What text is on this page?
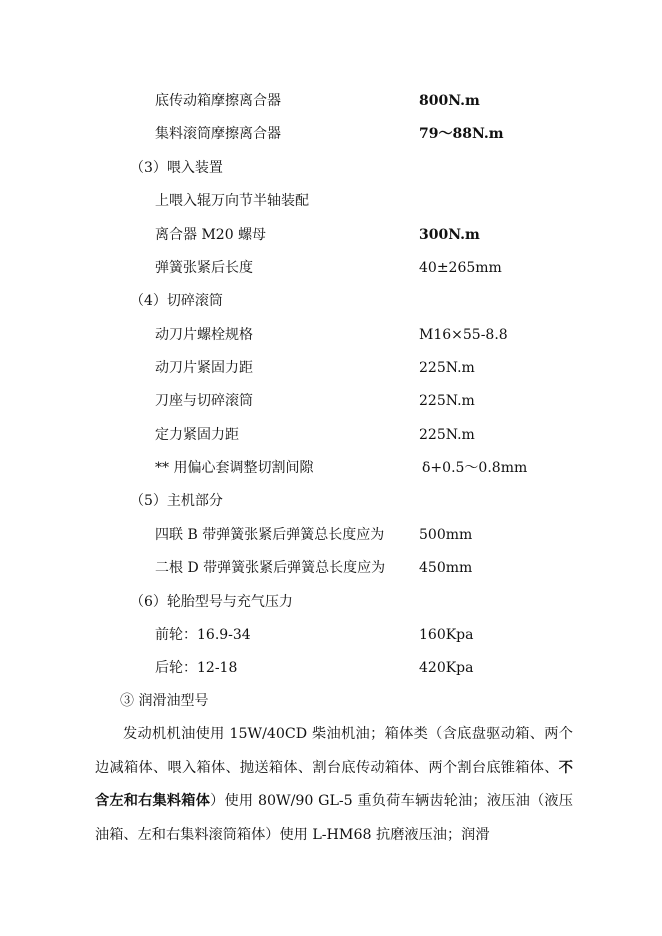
底传动箱摩擦离合器	800N.m
集料滚筒摩擦离合器	79～88N.m
（3）喂入装置
上喂入辊万向节半轴装配
离合器 M20 螺母	300N.m
弹簧张紧后长度	40±265mm
（4）切碎滚筒
动刀片螺栓规格	M16×55-8.8
动刀片紧固力距	225N.m
刀座与切碎滚筒	225N.m
定力紧固力距	225N.m
** 用偏心套调整切割间隙	δ+0.5～0.8mm
（5）主机部分
四联 B 带弹簧张紧后弹簧总长度应为 500mm
二根 D 带弹簧张紧后弹簧总长度应为 450mm
（6）轮胎型号与充气压力
前轮：16.9-34	160Kpa
后轮：12-18	420Kpa
③ 润滑油型号
发动机机油使用 15W/40CD 柴油机油；箱体类（含底盘驱动箱、两个边减箱体、喂入箱体、抛送箱体、割台底传动箱体、两个割台底锥箱体、不含左和右集料箱体）使用 80W/90 GL-5 重负荷车辆齿轮油；液压油（液压油箱、左和右集料滚筒箱体）使用 L-HM68 抗磨液压油；润滑
